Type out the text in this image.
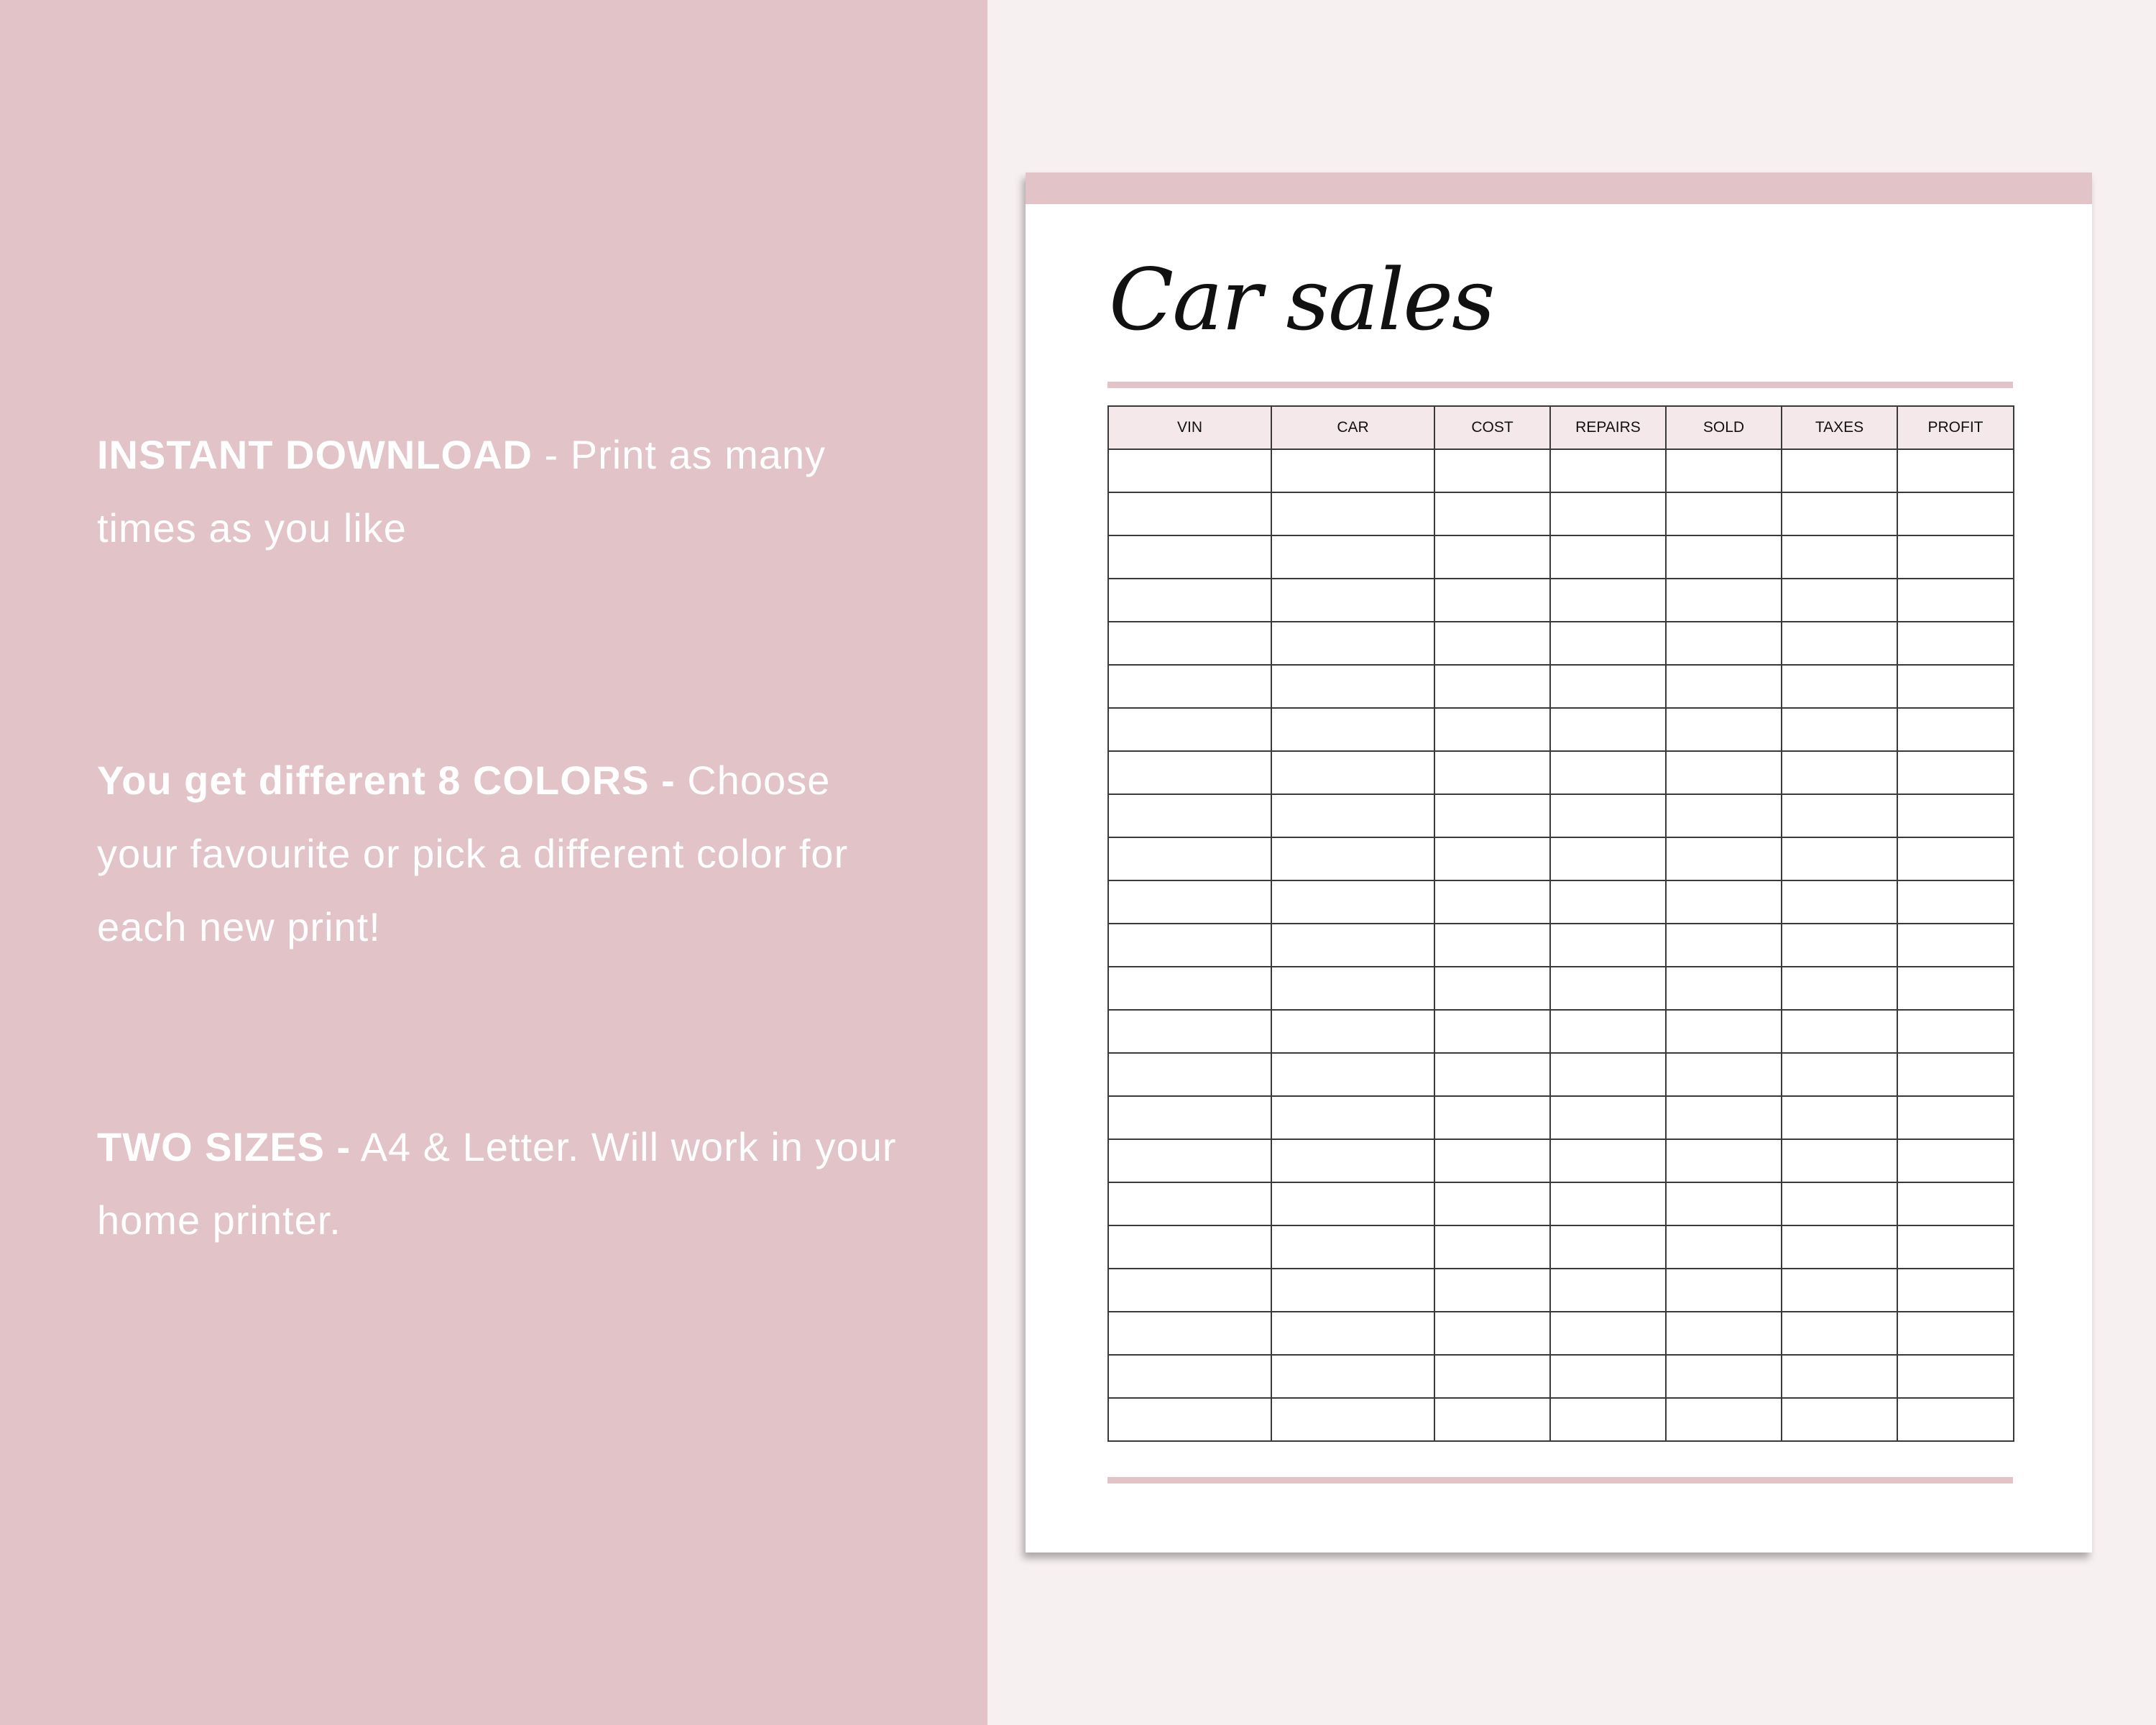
INSTANT DOWNLOAD - Print as many times as you like
You get different 8 COLORS - Choose your favourite or pick a different color for each new print!
TWO SIZES - A4 & Letter. Will work in your home printer.
Car sales
VIN	CAR	COST	REPAIRS	SOLD	TAXES	PROFIT
